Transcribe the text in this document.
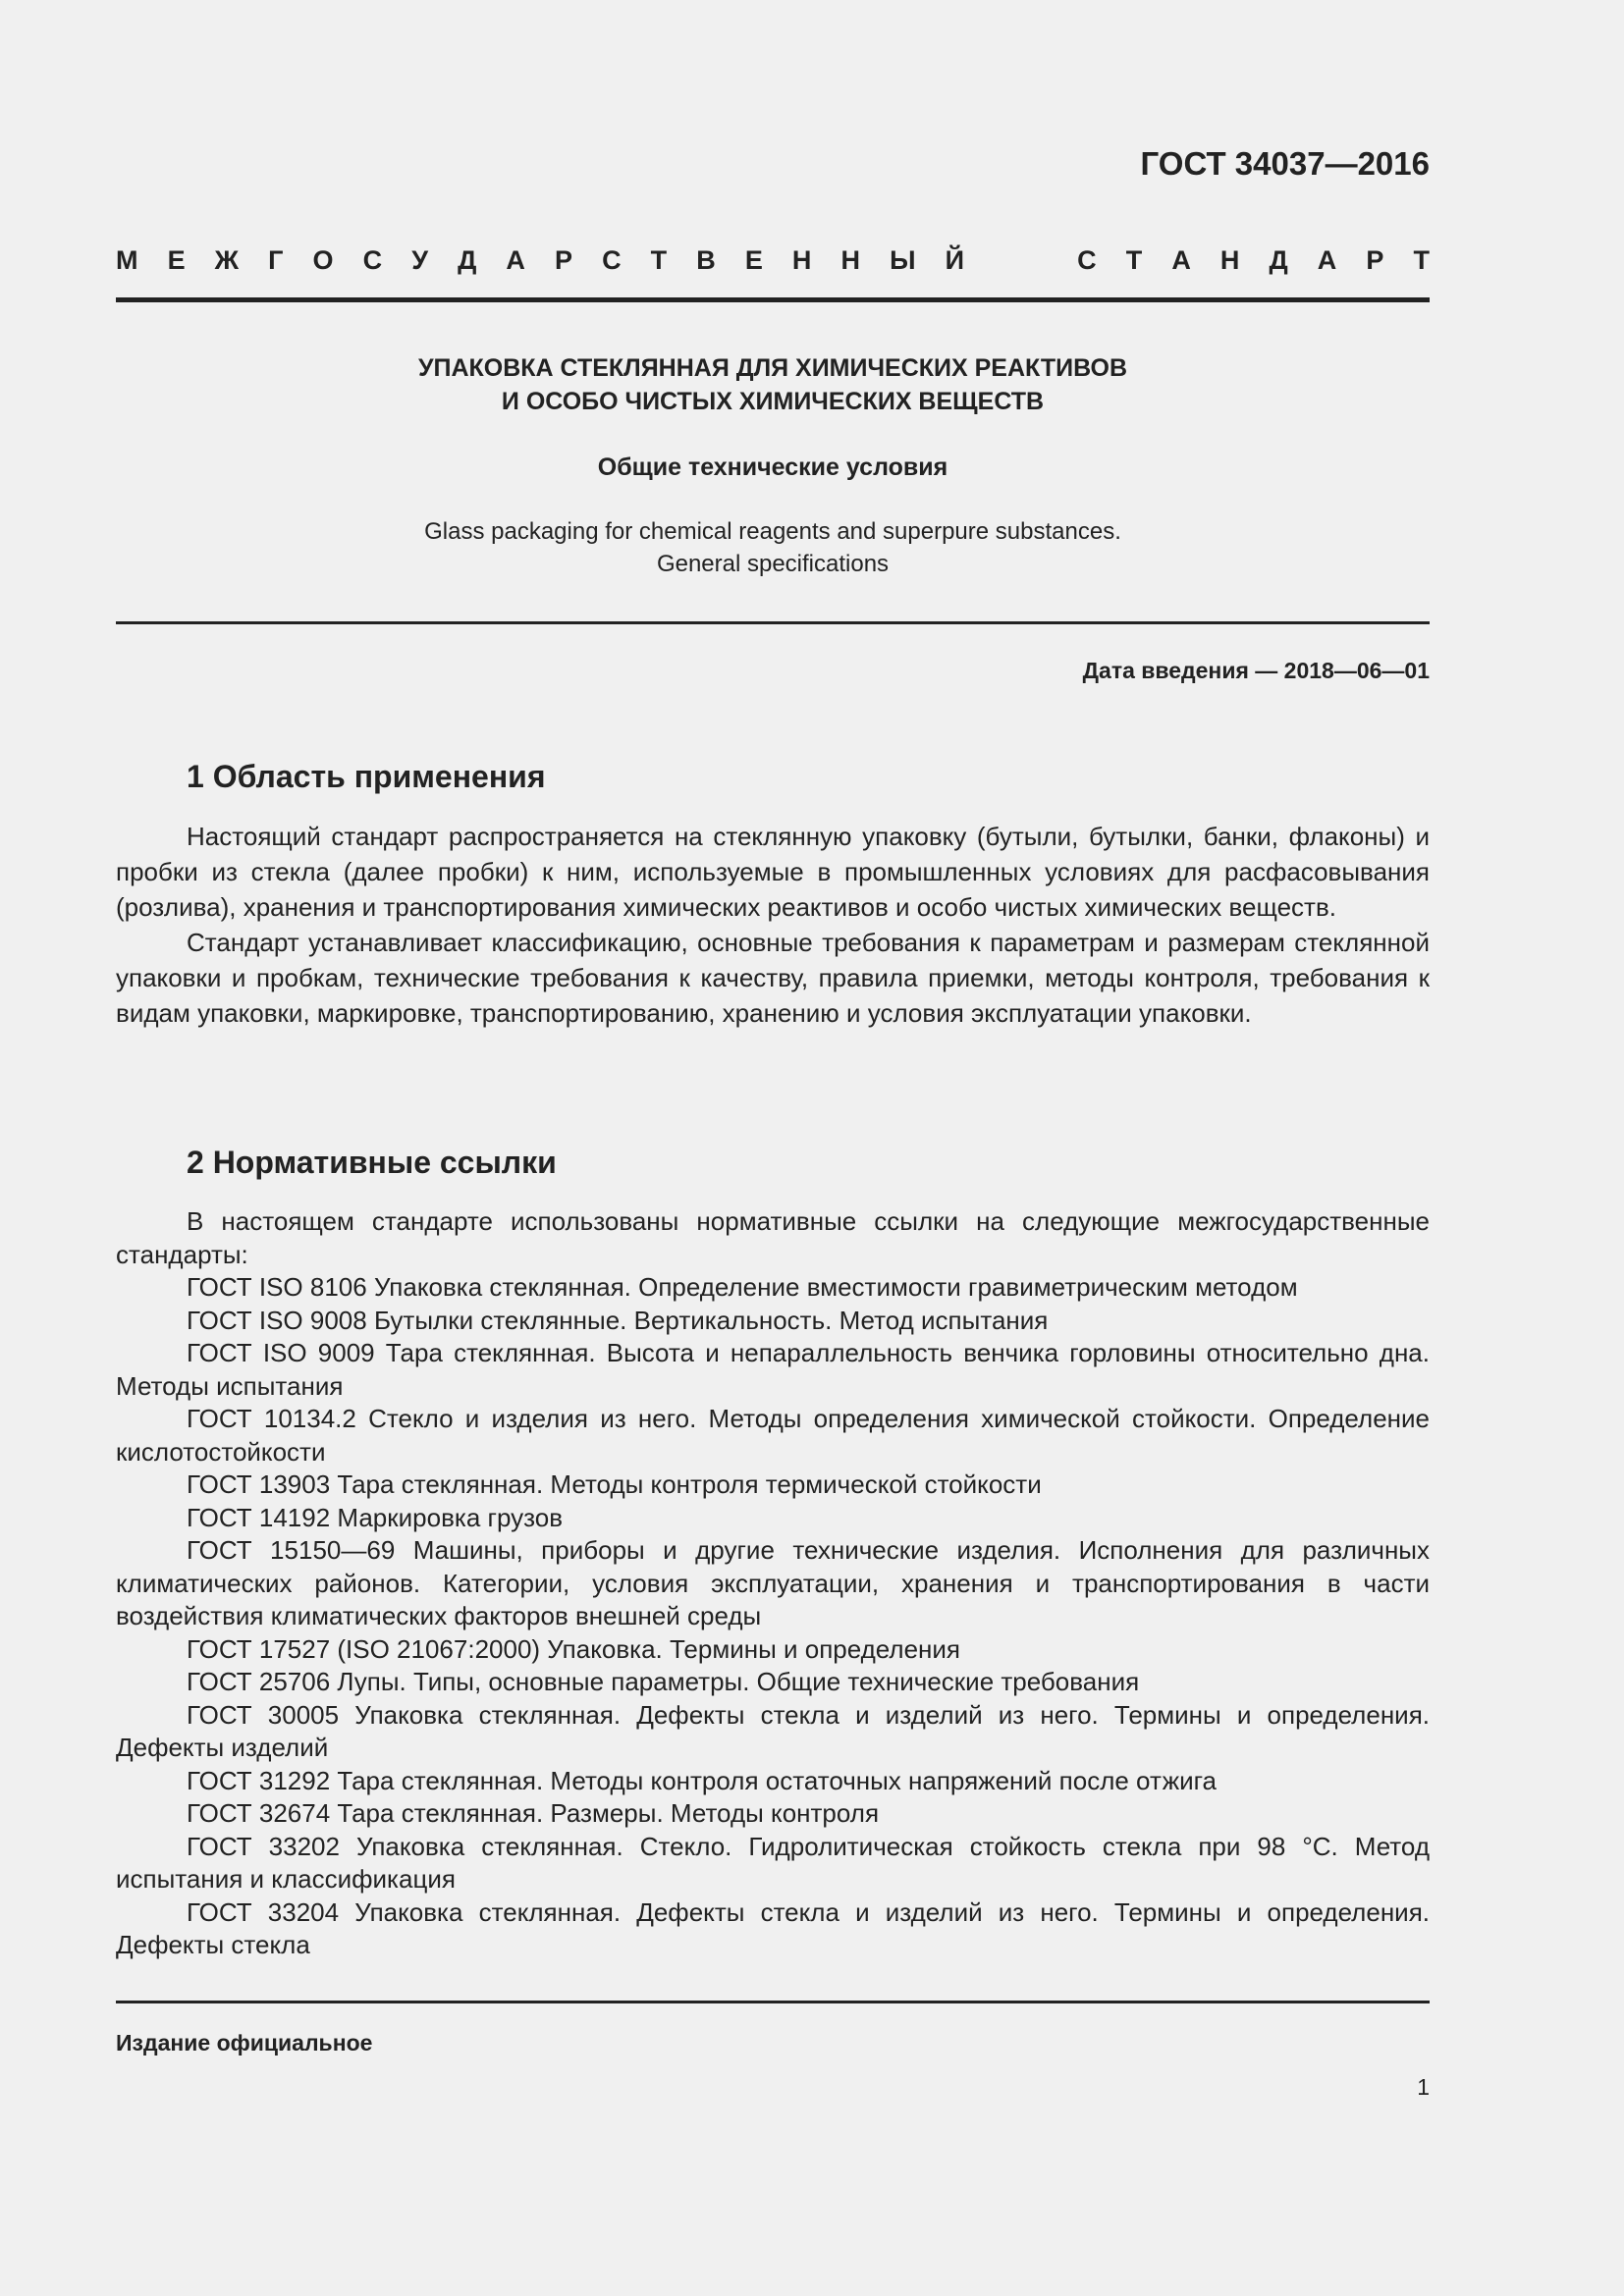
ГОСТ 34037—2016
М Е Ж Г О С У Д А Р С Т В Е Н Н Ы Й	С Т А Н Д А Р Т
УПАКОВКА СТЕКЛЯННАЯ ДЛЯ ХИМИЧЕСКИХ РЕАКТИВОВ
И ОСОБО ЧИСТЫХ ХИМИЧЕСКИХ ВЕЩЕСТВ
Общие технические условия
Glass packaging for chemical reagents and superpure substances.
General specifications
Дата введения — 2018—06—01
1 Область применения

Настоящий стандарт распространяется на стеклянную упаковку (бутыли, бутылки, банки, флаконы) и пробки из стекла (далее пробки) к ним, используемые в промышленных условиях для расфасовывания (розлива), хранения и транспортирования химических реактивов и особо чистых химических веществ.

Стандарт устанавливает классификацию, основные требования к параметрам и размерам стеклянной упаковки и пробкам, технические требования к качеству, правила приемки, методы контроля, требования к видам упаковки, маркировке, транспортированию, хранению и условия эксплуатации упаковки.

2 Нормативные ссылки

В настоящем стандарте использованы нормативные ссылки на следующие межгосударственные стандарты:

ГОСТ ISO 8106 Упаковка стеклянная. Определение вместимости гравиметрическим методом

ГОСТ ISO 9008 Бутылки стеклянные. Вертикальность. Метод испытания

ГОСТ ISO 9009 Тара стеклянная. Высота и непараллельность венчика горловины относительно дна. Методы испытания

ГОСТ 10134.2 Стекло и изделия из него. Методы определения химической стойкости. Определение кислотостойкости

ГОСТ 13903 Тара стеклянная. Методы контроля термической стойкости

ГОСТ 14192 Маркировка грузов

ГОСТ 15150—69 Машины, приборы и другие технические изделия. Исполнения для различных климатических районов. Категории, условия эксплуатации, хранения и транспортирования в части воздействия климатических факторов внешней среды

ГОСТ 17527 (ISO 21067:2000) Упаковка. Термины и определения

ГОСТ 25706 Лупы. Типы, основные параметры. Общие технические требования

ГОСТ 30005 Упаковка стеклянная. Дефекты стекла и изделий из него. Термины и определения. Дефекты изделий

ГОСТ 31292 Тара стеклянная. Методы контроля остаточных напряжений после отжига

ГОСТ 32674 Тара стеклянная. Размеры. Методы контроля

ГОСТ 33202 Упаковка стеклянная. Стекло. Гидролитическая стойкость стекла при 98 °С. Метод испытания и классификация

ГОСТ 33204 Упаковка стеклянная. Дефекты стекла и изделий из него. Термины и определения. Дефекты стекла

Издание официальное
1
